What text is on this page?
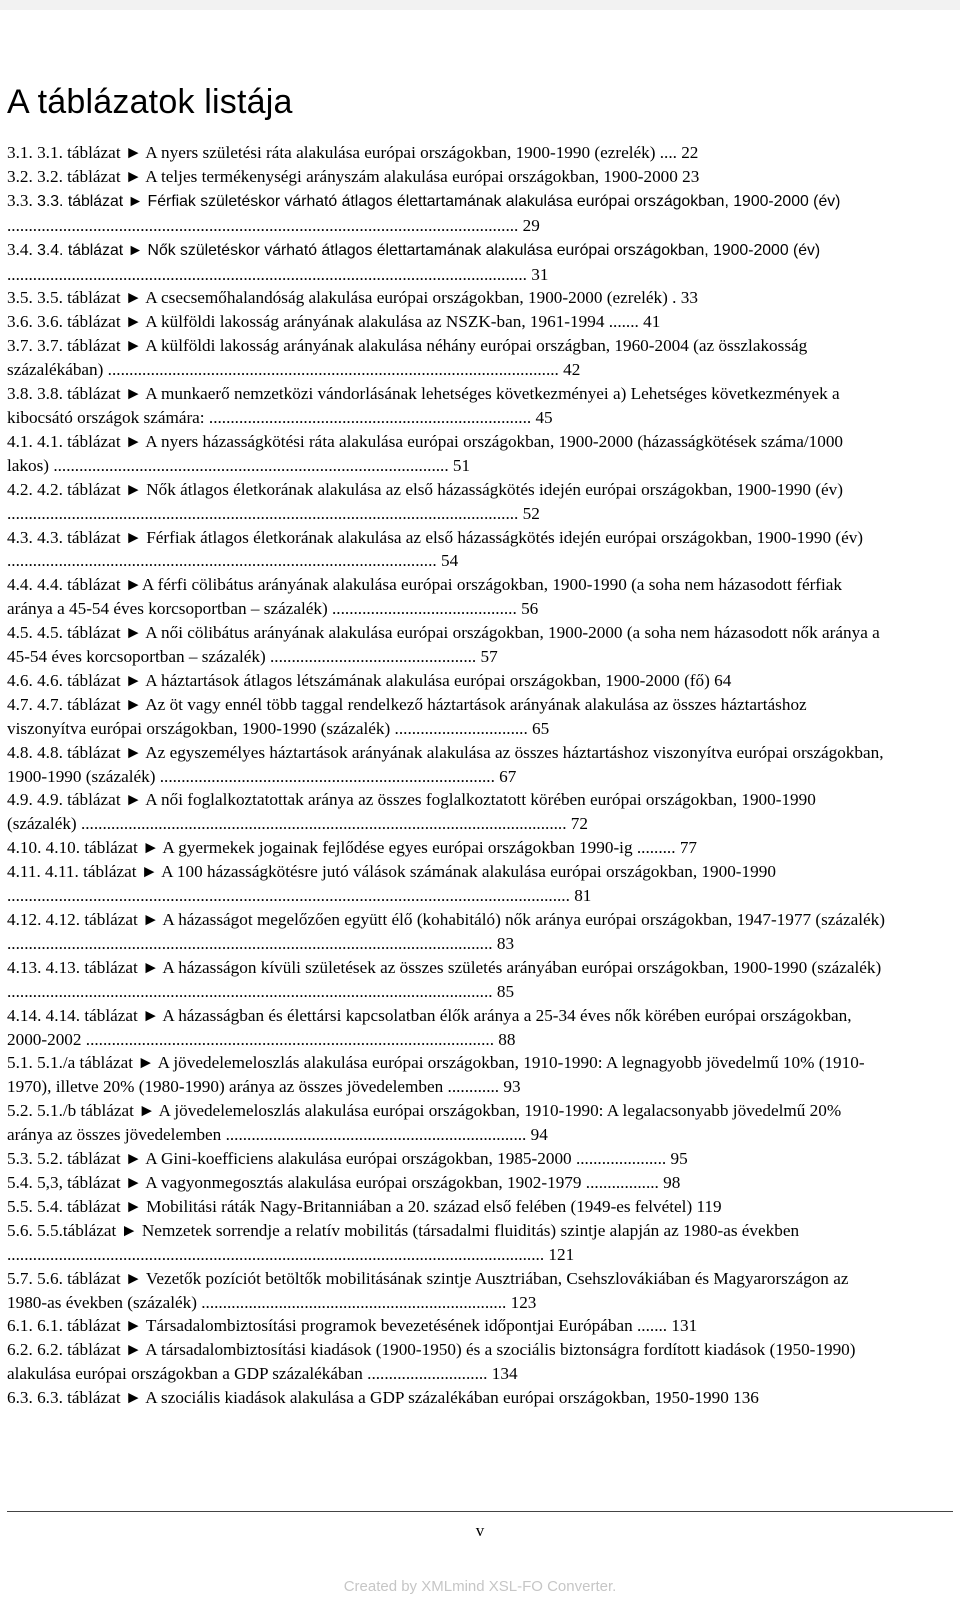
A táblázatok listája
3.1. 3.1. táblázat ► A nyers születési ráta alakulása európai országokban, 1900-1990 (ezrelék) .... 22
3.2. 3.2. táblázat ► A teljes termékenységi arányszám alakulása európai országokban, 1900-2000 23
3.3. 3.3. táblázat ► Férfiak születéskor várható átlagos élettartamának alakulása európai országokban, 1900-2000 (év) ....................................................................................................................... 29
3.4. 3.4. táblázat ► Nők születéskor várható átlagos élettartamának alakulása európai országokban, 1900-2000 (év) ......................................................................................................................... 31
3.5. 3.5. táblázat ► A csecsemőhalandóság alakulása európai országokban, 1900-2000 (ezrelék) . 33
3.6. 3.6. táblázat ► A külföldi lakosság arányának alakulása az NSZK-ban, 1961-1994 ....... 41
3.7. 3.7. táblázat ► A külföldi lakosság arányának alakulása néhány európai országban, 1960-2004 (az összlakosság százalékában) ......................................................................................................... 42
3.8. 3.8. táblázat ► A munkaerő nemzetközi vándorlásának lehetséges következményei a) Lehetséges következmények a kibocsátó országok számára: ........................................................................... 45
4.1. 4.1. táblázat ► A nyers házasságkötési ráta alakulása európai országokban, 1900-2000 (házasságkötések száma/1000 lakos) ............................................................................................ 51
4.2. 4.2. táblázat ► Nők átlagos életkorának alakulása az első házasságkötés idején európai országokban, 1900-1990 (év) ....................................................................................................................... 52
4.3. 4.3. táblázat ► Férfiak átlagos életkorának alakulása az első házasságkötés idején európai országokban, 1900-1990 (év) .................................................................................................... 54
4.4. 4.4. táblázat ►A férfi cölibátus arányának alakulása európai országokban, 1900-1990 (a soha nem házasodott férfiak aránya a 45-54 éves korcsoportban – százalék) ........................................... 56
4.5. 4.5. táblázat ► A női cölibátus arányának alakulása európai országokban, 1900-2000 (a soha nem házasodott nők aránya a 45-54 éves korcsoportban – százalék) ................................................ 57
4.6. 4.6. táblázat ► A háztartások átlagos létszámának alakulása európai országokban, 1900-2000 (fő) 64
4.7. 4.7. táblázat ► Az öt vagy ennél több taggal rendelkező háztartások arányának alakulása az összes háztartáshoz viszonyítva európai országokban, 1900-1990 (százalék) ............................... 65
4.8. 4.8. táblázat ► Az egyszemélyes háztartások arányának alakulása az összes háztartáshoz viszonyítva európai országokban, 1900-1990 (százalék) .............................................................................. 67
4.9. 4.9. táblázat ► A női foglalkoztatottak aránya az összes foglalkoztatott körében európai országokban, 1900-1990 (százalék) ................................................................................................................. 72
4.10. 4.10. táblázat ► A gyermekek jogainak fejlődése egyes európai országokban 1990-ig ......... 77
4.11. 4.11. táblázat ► A 100 házasságkötésre jutó válások számának alakulása európai országokban, 1900-1990 ................................................................................................................................... 81
4.12. 4.12. táblázat ► A házasságot megelőzően együtt élő (kohabitáló) nők aránya európai országokban, 1947-1977 (százalék) ................................................................................................................. 83
4.13. 4.13. táblázat ► A házasságon kívüli születések az összes születés arányában európai országokban, 1900-1990 (százalék) ................................................................................................................. 85
4.14. 4.14. táblázat ► A házasságban és élettársi kapcsolatban élők aránya a 25-34 éves nők körében európai országokban, 2000-2002 ............................................................................................... 88
5.1. 5.1./a táblázat ► A jövedelemeloszlás alakulása európai országokban, 1910-1990: A legnagyobb jövedelmű 10% (1910-1970), illetve 20% (1980-1990) aránya az összes jövedelemben ............ 93
5.2. 5.1./b táblázat ► A jövedelemeloszlás alakulása európai országokban, 1910-1990: A legalacsonyabb jövedelmű 20% aránya az összes jövedelemben ...................................................................... 94
5.3. 5.2. táblázat ► A Gini-koefficiens alakulása európai országokban, 1985-2000 ..................... 95
5.4. 5,3, táblázat ► A vagyonmegosztás alakulása európai országokban, 1902-1979 ................. 98
5.5. 5.4. táblázat ► Mobilitási ráták Nagy-Britanniában a 20. század első felében (1949-es felvétel) 119
5.6. 5.5.táblázat ► Nemzetek sorrendje a relatív mobilitás (társadalmi fluiditás) szintje alapján az 1980-as években ............................................................................................................................. 121
5.7. 5.6. táblázat ► Vezetők pozíciót betöltők mobilitásának szintje Ausztriában, Csehszlovákiában és Magyarországon az 1980-as években (százalék) ....................................................................... 123
6.1. 6.1. táblázat ► Társadalombiztosítási programok bevezetésének időpontjai Európában ....... 131
6.2. 6.2. táblázat ► A társadalombiztosítási kiadások (1900-1950) és a szociális biztonságra fordított kiadások (1950-1990) alakulása európai országokban a GDP százalékában ............................ 134
6.3. 6.3. táblázat ► A szociális kiadások alakulása a GDP százalékában európai országokban, 1950-1990 136
v
Created by XMLmind XSL-FO Converter.
